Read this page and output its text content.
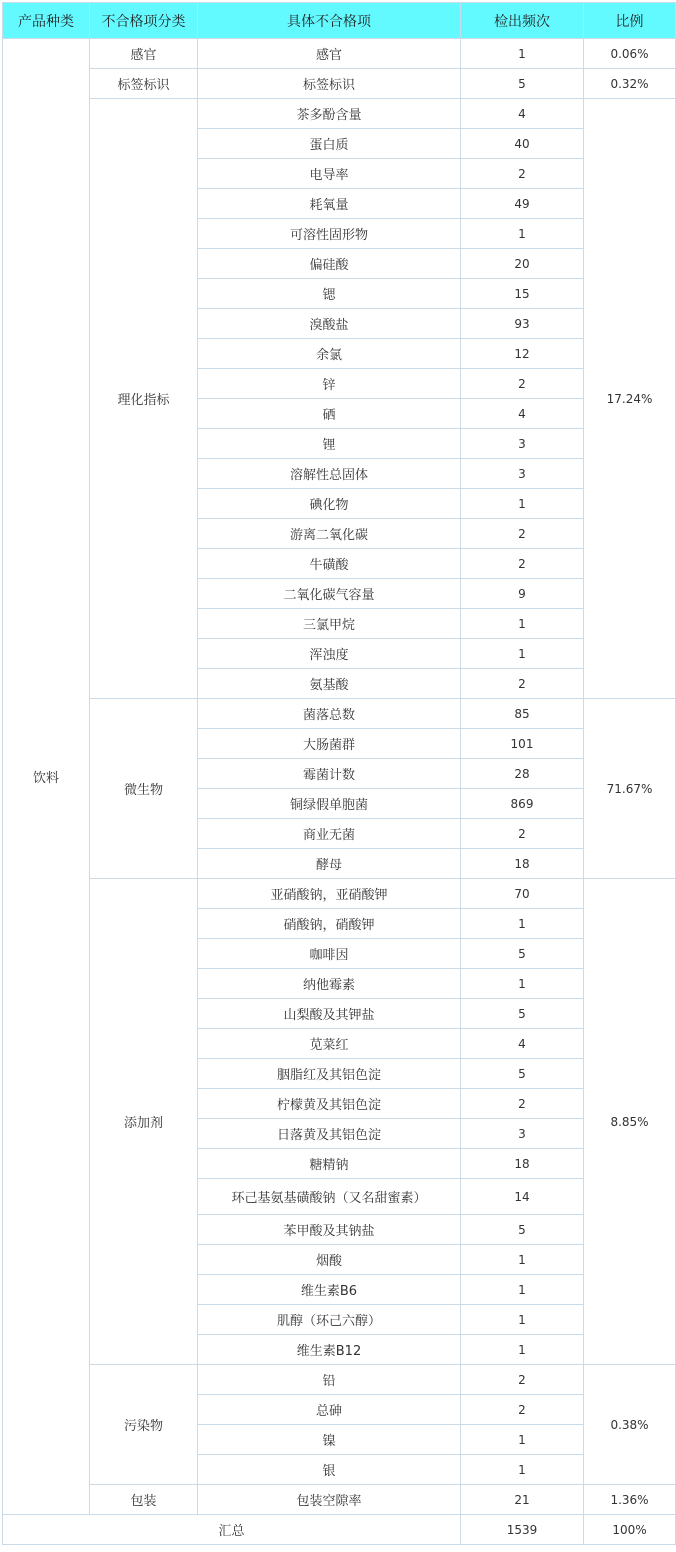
产品种类	不合格项分类	具体不合格项	检出频次	比例
饮料	感官	感官	1	0.06%
	标签标识	标签标识	5	0.32%
	理化指标	茶多酚含量	4	17.24%
		蛋白质	40	
		电导率	2	
		耗氧量	49	
		可溶性固形物	1	
		偏硅酸	20	
		锶	15	
		溴酸盐	93	
		余氯	12	
		锌	2	
		硒	4	
		锂	3	
		溶解性总固体	3	
		碘化物	1	
		游离二氧化碳	2	
		牛磺酸	2	
		二氧化碳气容量	9	
		三氯甲烷	1	
		浑浊度	1	
		氨基酸	2	
	微生物	菌落总数	85	71.67%
		大肠菌群	101	
		霉菌计数	28	
		铜绿假单胞菌	869	
		商业无菌	2	
		酵母	18	
	添加剂	亚硝酸钠，亚硝酸钾	70	8.85%
		硝酸钠，硝酸钾	1	
		咖啡因	5	
		纳他霉素	1	
		山梨酸及其钾盐	5	
		苋菜红	4	
		胭脂红及其铝色淀	5	
		柠檬黄及其铝色淀	2	
		日落黄及其铝色淀	3	
		糖精钠	18	
		环己基氨基磺酸钠（又名甜蜜素）	14	
		苯甲酸及其钠盐	5	
		烟酸	1	
		维生素B6	1	
		肌醇（环己六醇）	1	
		维生素B12	1	
	污染物	铅	2	0.38%
		总砷	2	
		镍	1	
		银	1	
	包装	包装空隙率	21	1.36%
汇总			1539	100%
